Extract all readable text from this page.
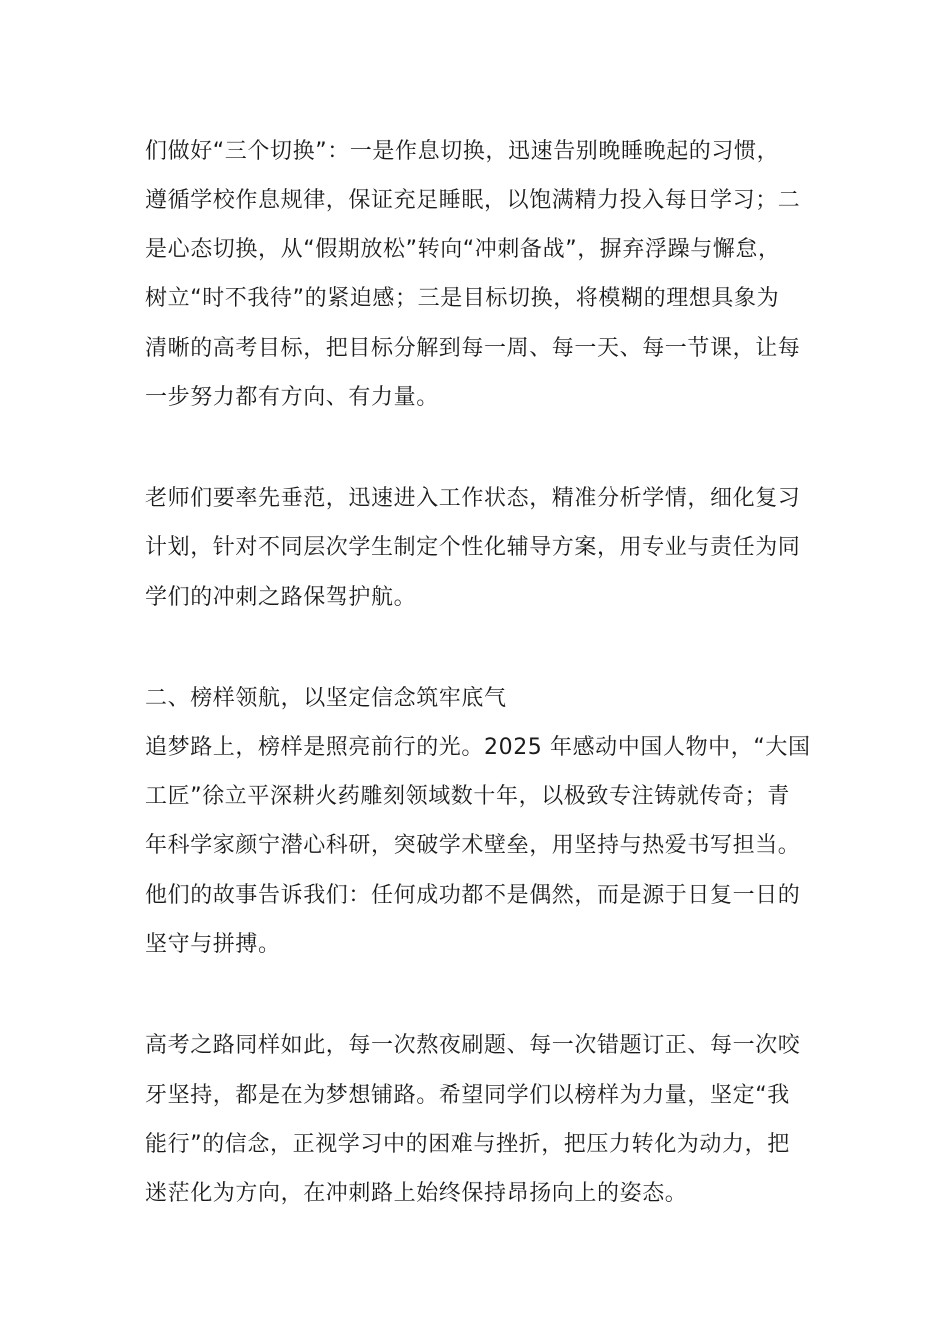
们做好“三个切换”：一是作息切换，迅速告别晚睡晚起的习惯，
遵循学校作息规律，保证充足睡眠，以饱满精力投入每日学习；二
是心态切换，从“假期放松”转向“冲刺备战”，摒弃浮躁与懈怠，
树立“时不我待”的紧迫感；三是目标切换，将模糊的理想具象为
清晰的高考目标，把目标分解到每一周、每一天、每一节课，让每
一步努力都有方向、有力量。
老师们要率先垂范，迅速进入工作状态，精准分析学情，细化复习
计划，针对不同层次学生制定个性化辅导方案，用专业与责任为同
学们的冲刺之路保驾护航。
二、榜样领航，以坚定信念筑牢底气
追梦路上，榜样是照亮前行的光。2025 年感动中国人物中，“大国
工匠”徐立平深耕火药雕刻领域数十年，以极致专注铸就传奇；青
年科学家颜宁潜心科研，突破学术壁垒，用坚持与热爱书写担当。
他们的故事告诉我们：任何成功都不是偶然，而是源于日复一日的
坚守与拼搏。
高考之路同样如此，每一次熬夜刷题、每一次错题订正、每一次咬
牙坚持，都是在为梦想铺路。希望同学们以榜样为力量，坚定“我
能行”的信念，正视学习中的困难与挫折，把压力转化为动力，把
迷茫化为方向，在冲刺路上始终保持昂扬向上的姿态。
